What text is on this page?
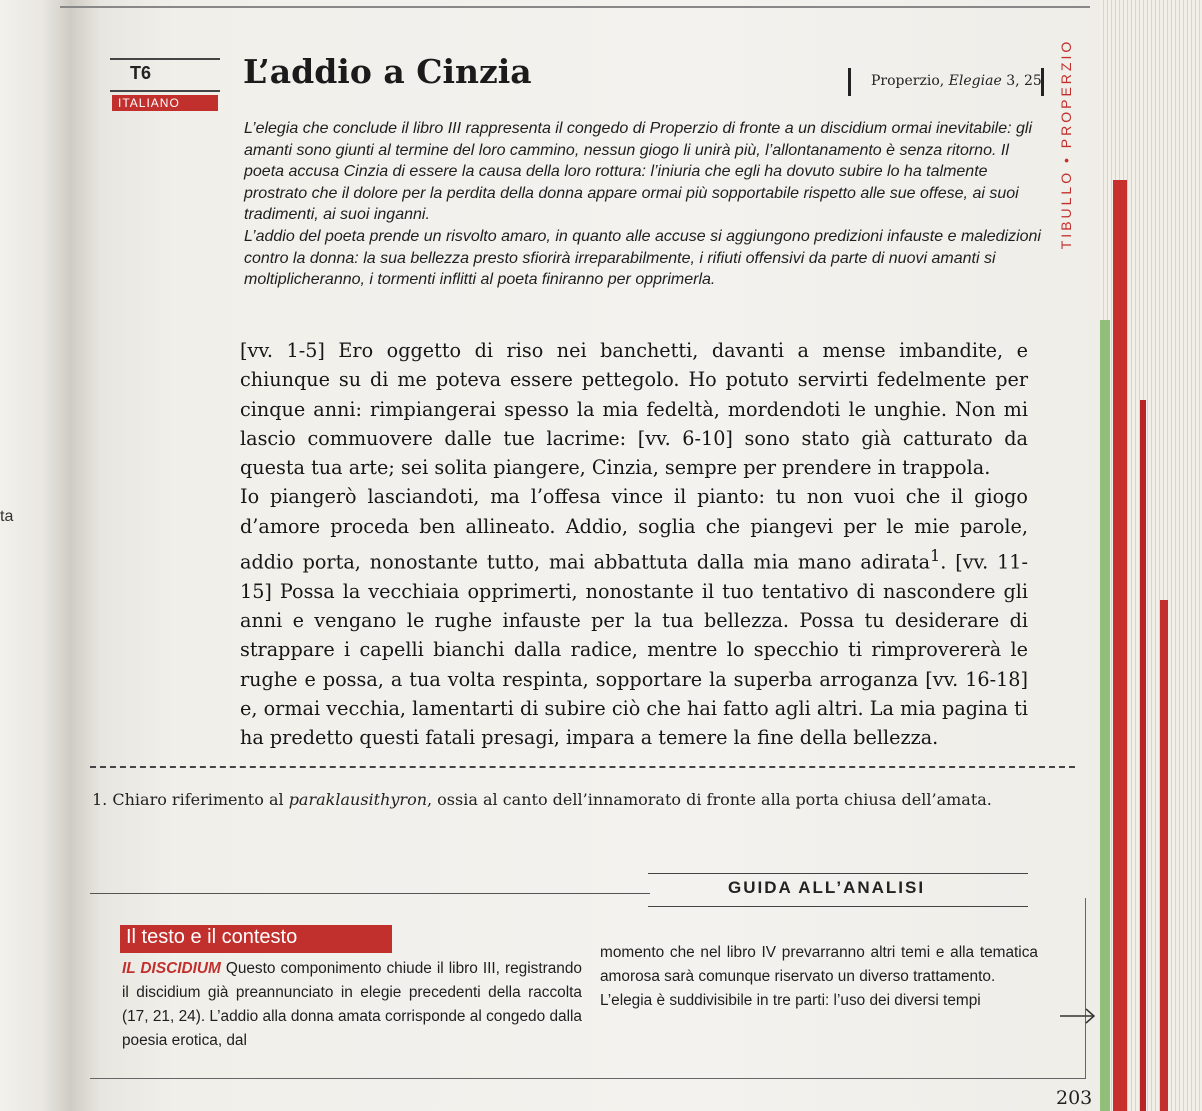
ta
T6	L’addio a Cinzia	Properzio, Elegiae 3, 25
ITALIANO	TIBULLO • PROPERZIO

L’elegia che conclude il libro III rappresenta il congedo di Properzio di fronte a un discidium ormai inevitabile: gli amanti sono giunti al termine del loro cammino, nessun giogo li unirà più, l’allontanamento è senza ritorno. Il poeta accusa Cinzia di essere la causa della loro rottura: l’iniuria che egli ha dovuto subire lo ha talmente prostrato che il dolore per la perdita della donna appare ormai più sopportabile rispetto alle sue offese, ai suoi tradimenti, ai suoi inganni.

L’addio del poeta prende un risvolto amaro, in quanto alle accuse si aggiungono predizioni infauste e maledizioni contro la donna: la sua bellezza presto sfiorirà irreparabilmente, i rifiuti offensivi da parte di nuovi amanti si moltiplicheranno, i tormenti inflitti al poeta finiranno per opprimerla.

[vv. 1-5] Ero oggetto di riso nei banchetti, davanti a mense imbandite, e chiunque su di me poteva essere pettegolo. Ho potuto servirti fedelmente per cinque anni: rimpiangerai spesso la mia fedeltà, mordendoti le unghie. Non mi lascio commuovere dalle tue lacrime: [vv. 6-10] sono stato già catturato da questa tua arte; sei solita piangere, Cinzia, sempre per prendere in trappola.

Io piangerò lasciandoti, ma l’offesa vince il pianto: tu non vuoi che il giogo d’amore proceda ben allineato. Addio, soglia che piangevi per le mie parole, addio porta, nonostante tutto, mai abbattuta dalla mia mano adirata$^1$. [vv. 11-15] Possa la vecchiaia opprimerti, nonostante il tuo tentativo di nascondere gli anni e vengano le rughe infauste per la tua bellezza. Possa tu desiderare di strappare i capelli bianchi dalla radice, mentre lo specchio ti rimprovererà le rughe e possa, a tua volta respinta, sopportare la superba arroganza [vv. 16-18] e, ormai vecchia, lamentarti di subire ciò che hai fatto agli altri. La mia pagina ti ha predetto questi fatali presagi, impara a temere la fine della bellezza.

1. Chiaro riferimento al paraklausithyron, ossia al canto dell’innamorato di fronte alla porta chiusa dell’amata.

GUIDA ALL’ANALISI
Il testo e il contesto

IL DISCIDIUM Questo componimento chiude il libro III, registrando il discidium già preannunciato in elegie precedenti della raccolta (17, 21, 24). L’addio alla donna amata corrisponde al congedo dalla poesia erotica, dal

momento che nel libro IV prevarranno altri temi e alla tematica amorosa sarà comunque riservato un diverso trattamento.

L’elegia è suddivisibile in tre parti: l’uso dei diversi tempi

203
